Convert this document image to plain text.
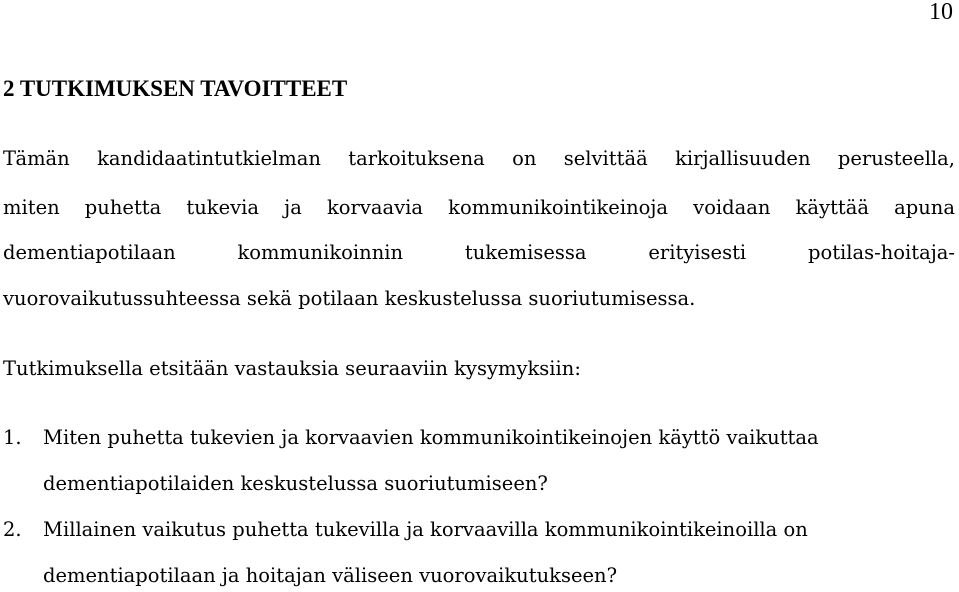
10
2 TUTKIMUKSEN TAVOITTEET
Tämän kandidaatintutkielman tarkoituksena on selvittää kirjallisuuden perusteella,
miten puhetta tukevia ja korvaavia kommunikointikeinoja voidaan käyttää apuna
dementiapotilaan kommunikoinnin tukemisessa erityisesti potilas-hoitaja-
vuorovaikutussuhteessa sekä potilaan keskustelussa suoriutumisessa.
Tutkimuksella etsitään vastauksia seuraaviin kysymyksiin:
1. Miten puhetta tukevien ja korvaavien kommunikointikeinojen käyttö vaikuttaa
dementiapotilaiden keskustelussa suoriutumiseen?
2. Millainen vaikutus puhetta tukevilla ja korvaavilla kommunikointikeinoilla on
dementiapotilaan ja hoitajan väliseen vuorovaikutukseen?
